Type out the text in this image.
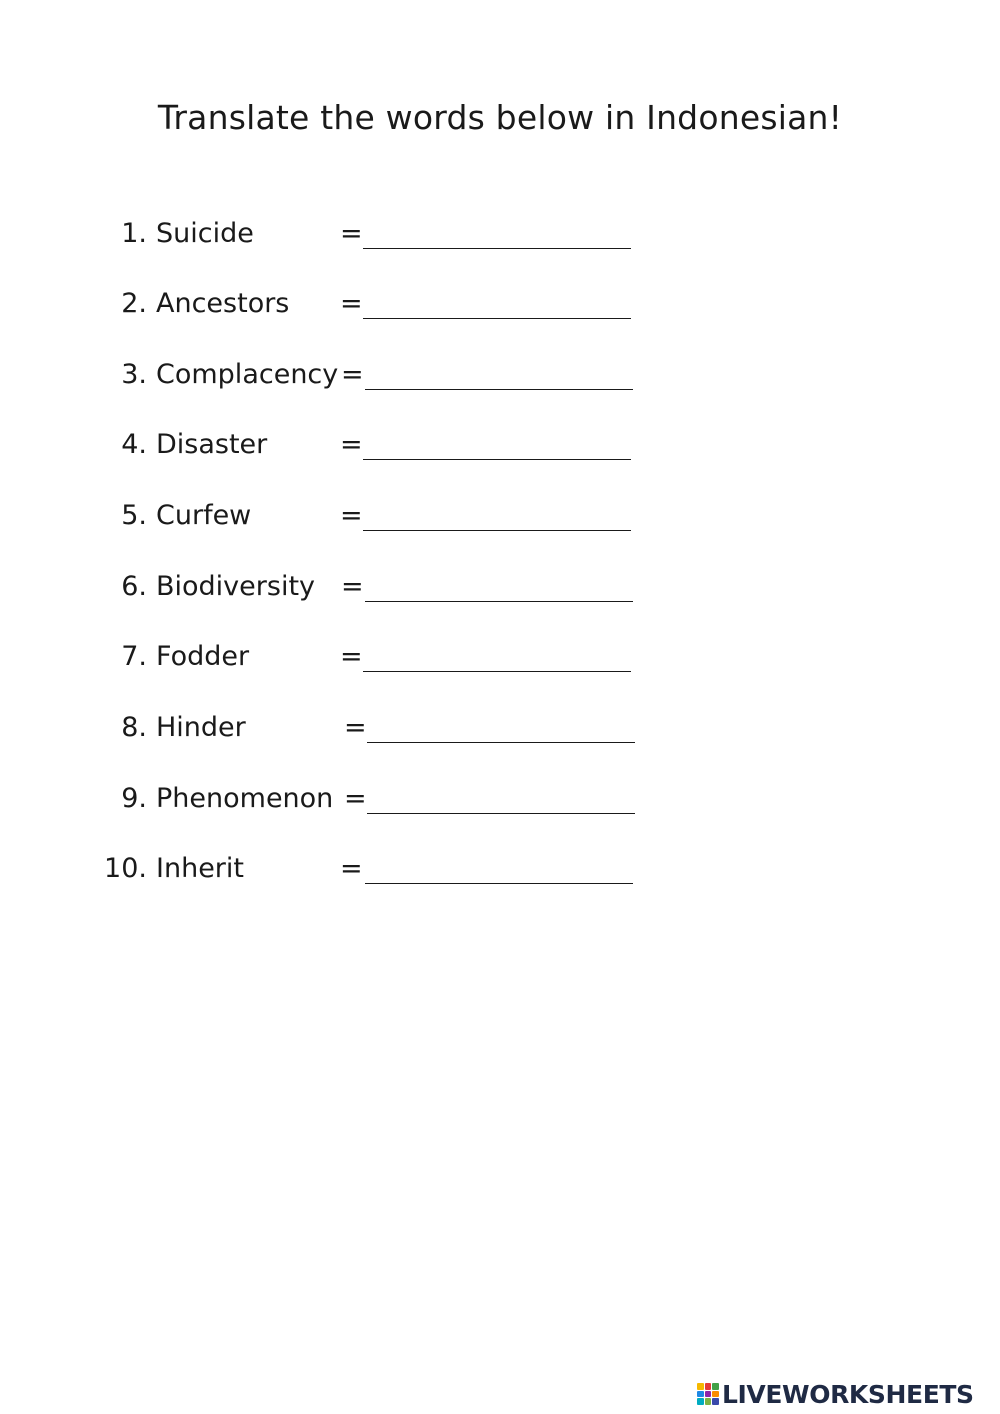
Translate the words below in Indonesian!
1. Suicide	=
2. Ancestors =
3. Complacency =
4. Disaster	=
5. Curfew	=
6. Biodiversity =
7. Fodder	=
8. Hinder	=
9. Phenomenon =
10. Inherit	=
LIVEWORKSHEETS
